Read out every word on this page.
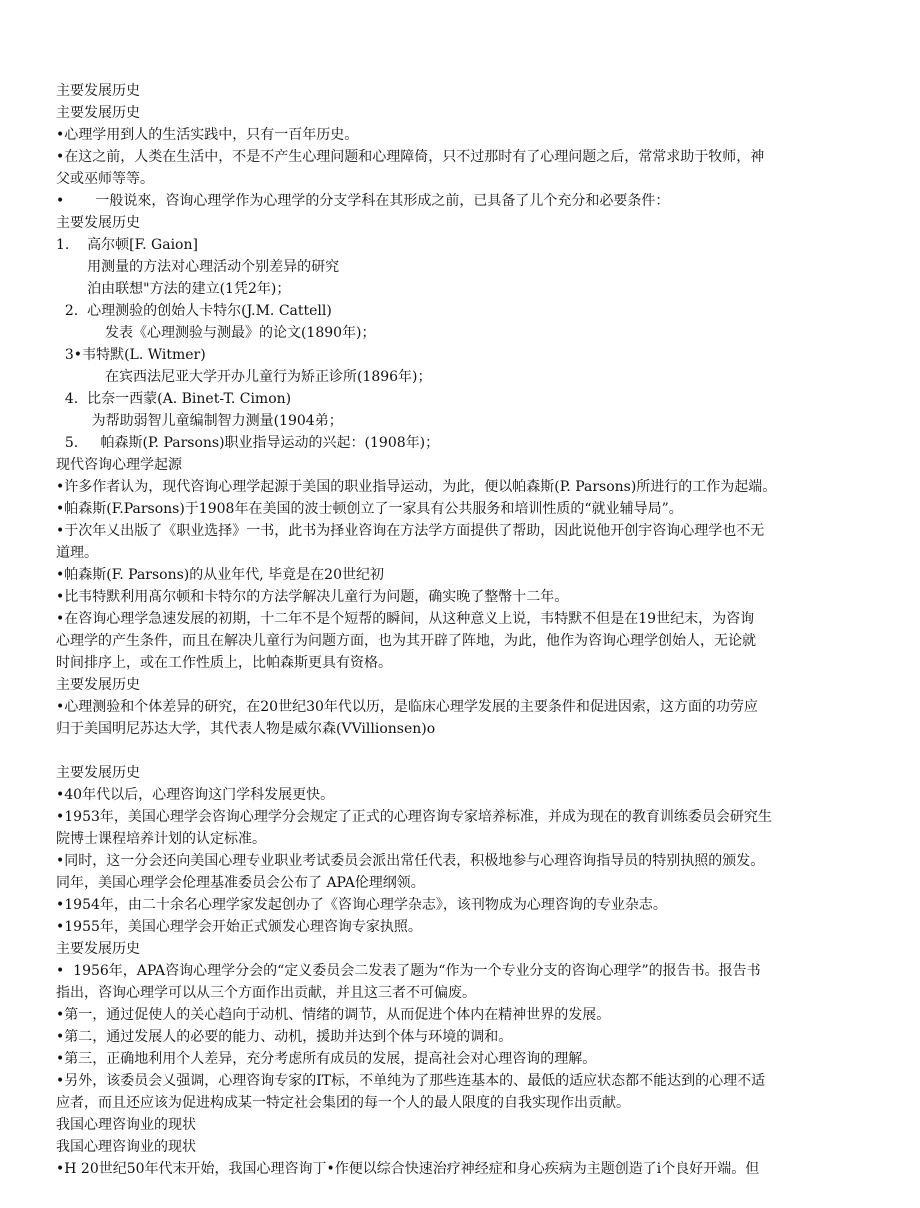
主要发展历史
主要发展历史
•心理学用到人的生活实践中，只有一百年历史。
•在这之前，人类在生活中，不是不产生心理问题和心理障倚，只不过那时有了心理问题之后，常常求助于牧师，神
父或巫师等等。
•       一般说來，咨询心理学作为心理学的分支学科在其形成之前，已具备了儿个充分和必要条件：
主要发展历史
1.    高尔顿[F. Gaion]
用测量的方法对心理活动个别差异的研究
泊由联想"方法的建立(1凭2年)；
2.  心理测验的创始人卡特尔(J.M. Cattell)
发表《心理测验与测最》的论文(1890年)；
3•韦特默(L. Witmer)
在宾西法尼亚大学开办儿童行为矫正诊所(1896年)；
4.  比奈一西蒙(A. Binet-T. Cimon)
为帮助弱智儿童编制智力测量(1904弟；
5.     帕森斯(P. Parsons)职业指导运动的兴起：(1908年)；
现代咨询心理学起源
•许多作者认为，现代咨询心理学起源于美国的职业指导运动，为此，便以帕森斯(P. Parsons)所进行的工作为起端。
•帕森斯(F.Parsons)于1908年在美国的波士顿创立了一家具有公共服务和培训性质的“就业辅导局”。
•于次年乂出版了《职业选择》一书，此书为择业咨询在方法学方面提供了帮助，因此说他开创宇咨询心理学也不无
道理。
•帕森斯(F. Parsons)的从业年代, 毕竟是在20世纪初
•比韦特默利用髙尔顿和卡特尔的方法学解决儿童行为问题，确实晚了整幣十二年。
•在咨询心理学急速发展的初期，十二年不是个短帮的瞬间，从这种意义上说，韦特默不但是在19世纪末，为咨询
心理学的产生条件，而且在解决儿童行为问题方面，也为其开辟了阵地，为此，他作为咨询心理学创始人，无论就
时间排序上，或在工作性质上，比帕森斯更具有资格。
主要发展历史
•心理测验和个体差异的研究，在20世纪30年代以历，是临床心理学发展的主要条件和促进因索，这方面的功劳应
归于美国明尼苏达大学，其代表人物是威尔森(VVillionsen)o
主要发展历史
•40年代以后，心理咨询这门学科发展更快。
•1953年，美国心理学会咨询心理学分会规定了正式的心理咨询专家培养标准，并成为现在的教育训练委员会研究生
院博士课程培养计划的认定标准。
•同时，这一分会还向美国心理专业职业考试委员会派出常任代表，积极地参与心理咨询指导员的特别执照的颁发。
同年，美国心理学会伦理基准委员会公布了 APA伦理纲领。
•1954年，由二十余名心理学家发起创办了《咨询心理学杂志》，该刊物成为心理咨询的专业杂志。
•1955年，美国心理学会开始正式颁发心理咨询专家执照。
主要发展历史
•  1956年，APA咨询心理学分会的“定义委员会二发表了题为“作为一个专业分支的咨询心理学”的报告书。报告书
指出，咨询心理学可以从三个方面作出贡献，并且这三者不可偏废。
•第一，通过促使人的关心趋向于动机、情绪的调节，从而促进个体内在精神世界的发展。
•第二，通过发展人的必要的能力、动机，援助并达到个体与环境的调和。
•第三，正确地利用个人差异，充分考虑所有成员的发展，提高社会对心理咨询的理解。
•另外，该委员会乂强调，心理咨询专家的IT标，不单纯为了那些连基本的、最低的适应状态都不能达到的心理不适
应者，而且还应该为促进构成某一特定社会集团的每一个人的最人限度的自我实现作出贡献。
我国心理咨询业的现状
我国心理咨询业的现状
•H 20世纪50年代末开始，我国心理咨询丁•作便以综合快速治疗神经症和身心疾病为主题创造了i个良好开端。但
